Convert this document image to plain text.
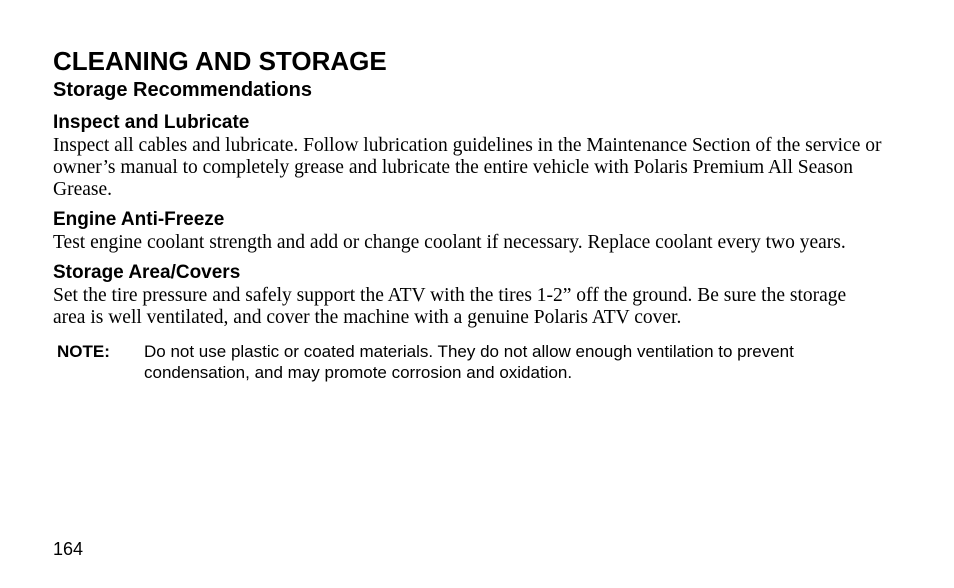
CLEANING AND STORAGE
Storage Recommendations
Inspect and Lubricate

Inspect all cables and lubricate. Follow lubrication guidelines in the Maintenance Section of the service or owner’s manual to completely grease and lubricate the entire vehicle with Polaris Premium All Season Grease.

Engine Anti-Freeze

Test engine coolant strength and add or change coolant if necessary. Replace coolant every two years.

Storage Area/Covers

Set the tire pressure and safely support the ATV with the tires 1-2” off the ground. Be sure the storage area is well ventilated, and cover the machine with a genuine Polaris ATV cover.

NOTE:	Do not use plastic or coated materials. They do not allow enough ventilation to prevent condensation, and may promote corrosion and oxidation.
164
